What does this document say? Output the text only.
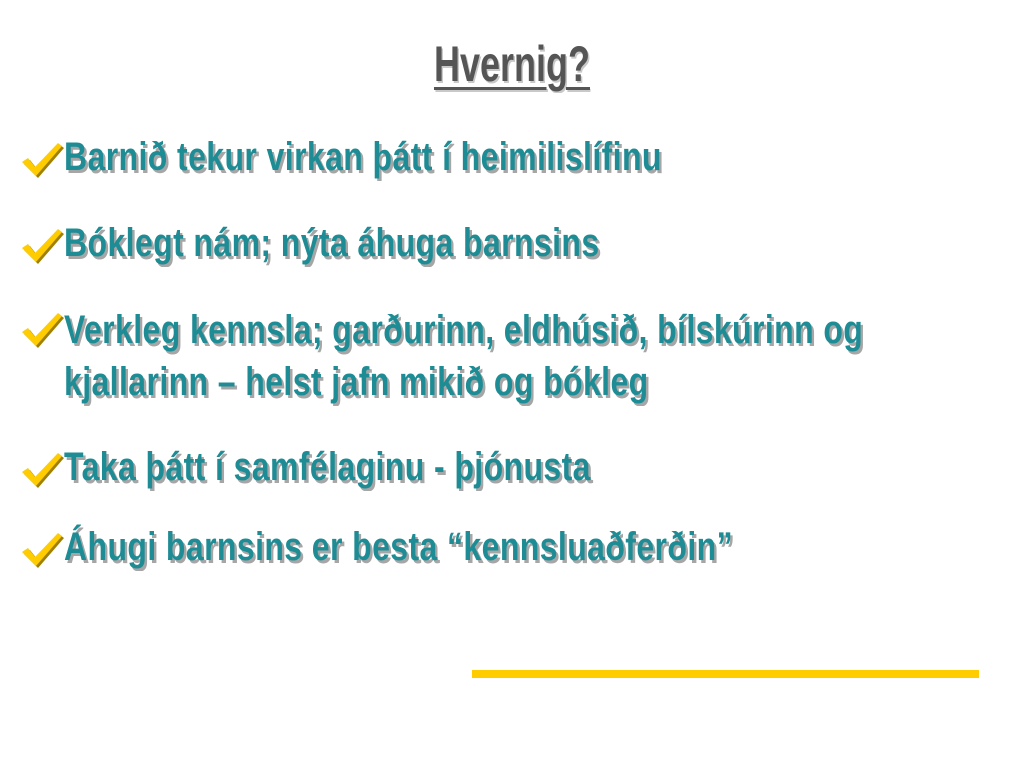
Hvernig?
Barnið tekur virkan þátt í heimilislífinu
Bóklegt nám; nýta áhuga barnsins
Verkleg kennsla; garðurinn, eldhúsið, bílskúrinn og kjallarinn – helst jafn mikið og bókleg
Taka þátt í samfélaginu - þjónusta
Áhugi barnsins er besta “kennsluaðferðin”
